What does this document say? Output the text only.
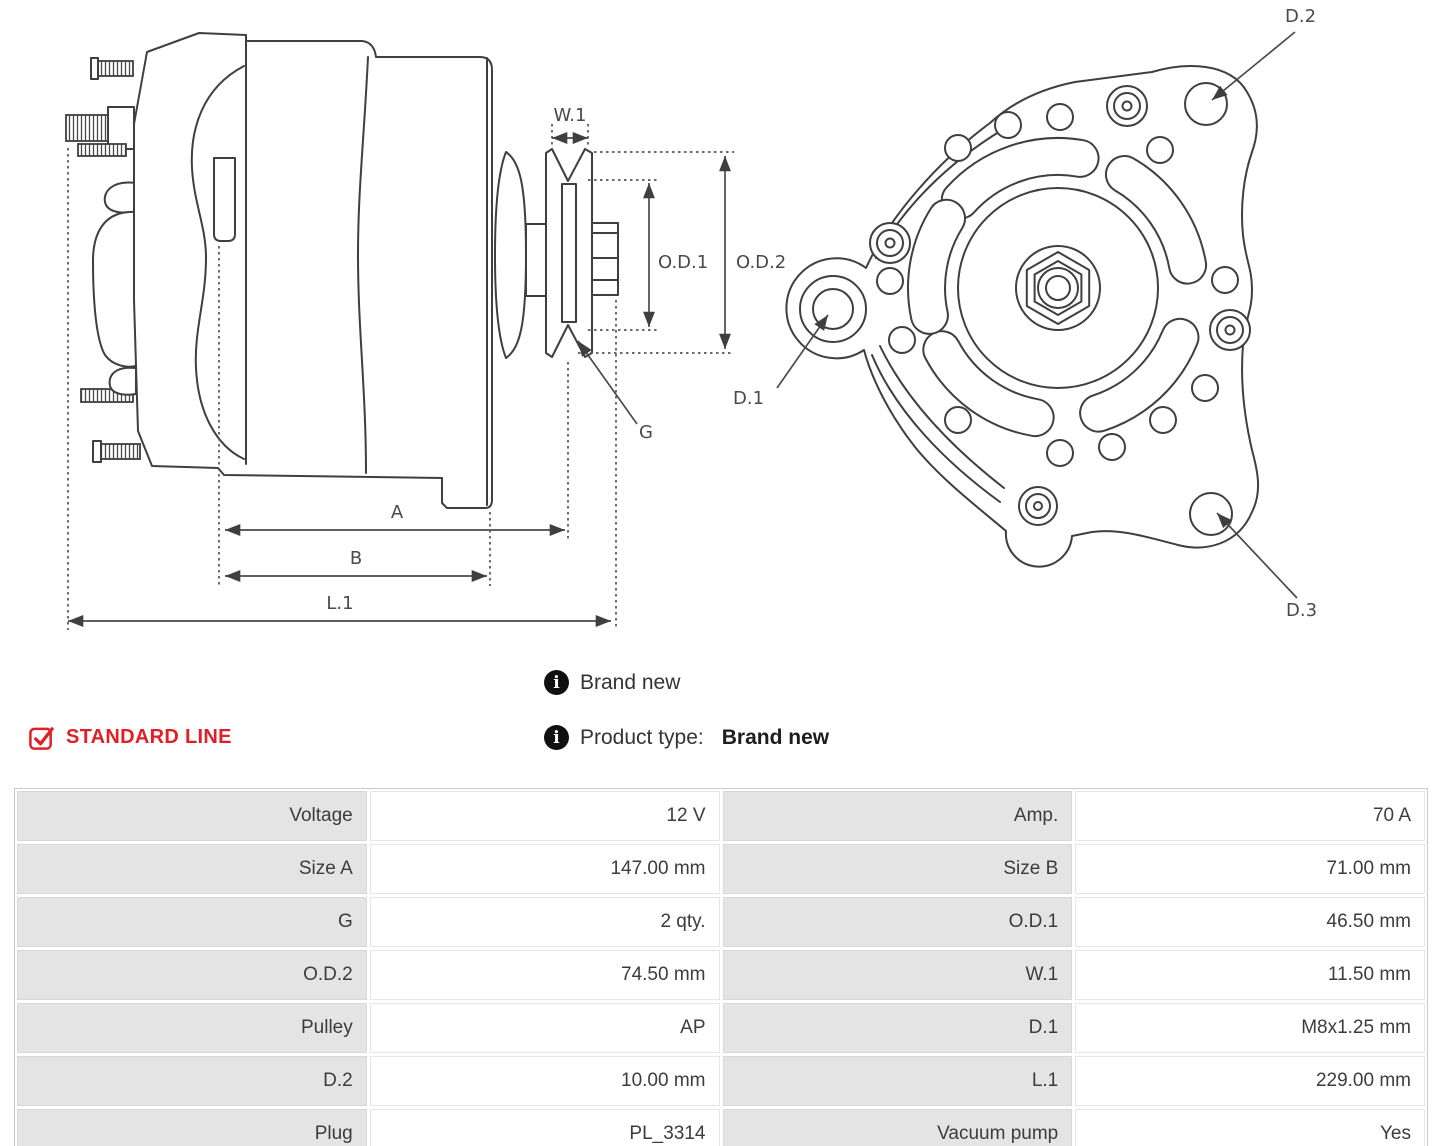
W.1
O.D.1 O.D.2
G
A
B
L.1
D.2
D.1
D.3
i Brand new
STANDARD LINE	i Product type: Brand new
Voltage	12 V	Amp.	70 A
Size A	147.00 mm	Size B	71.00 mm
G	2 qty.	O.D.1	46.50 mm
O.D.2	74.50 mm	W.1	11.50 mm
Pulley	AP	D.1	M8x1.25 mm
D.2	10.00 mm	L.1	229.00 mm
Plug	PL_3314	Vacuum pump	Yes
